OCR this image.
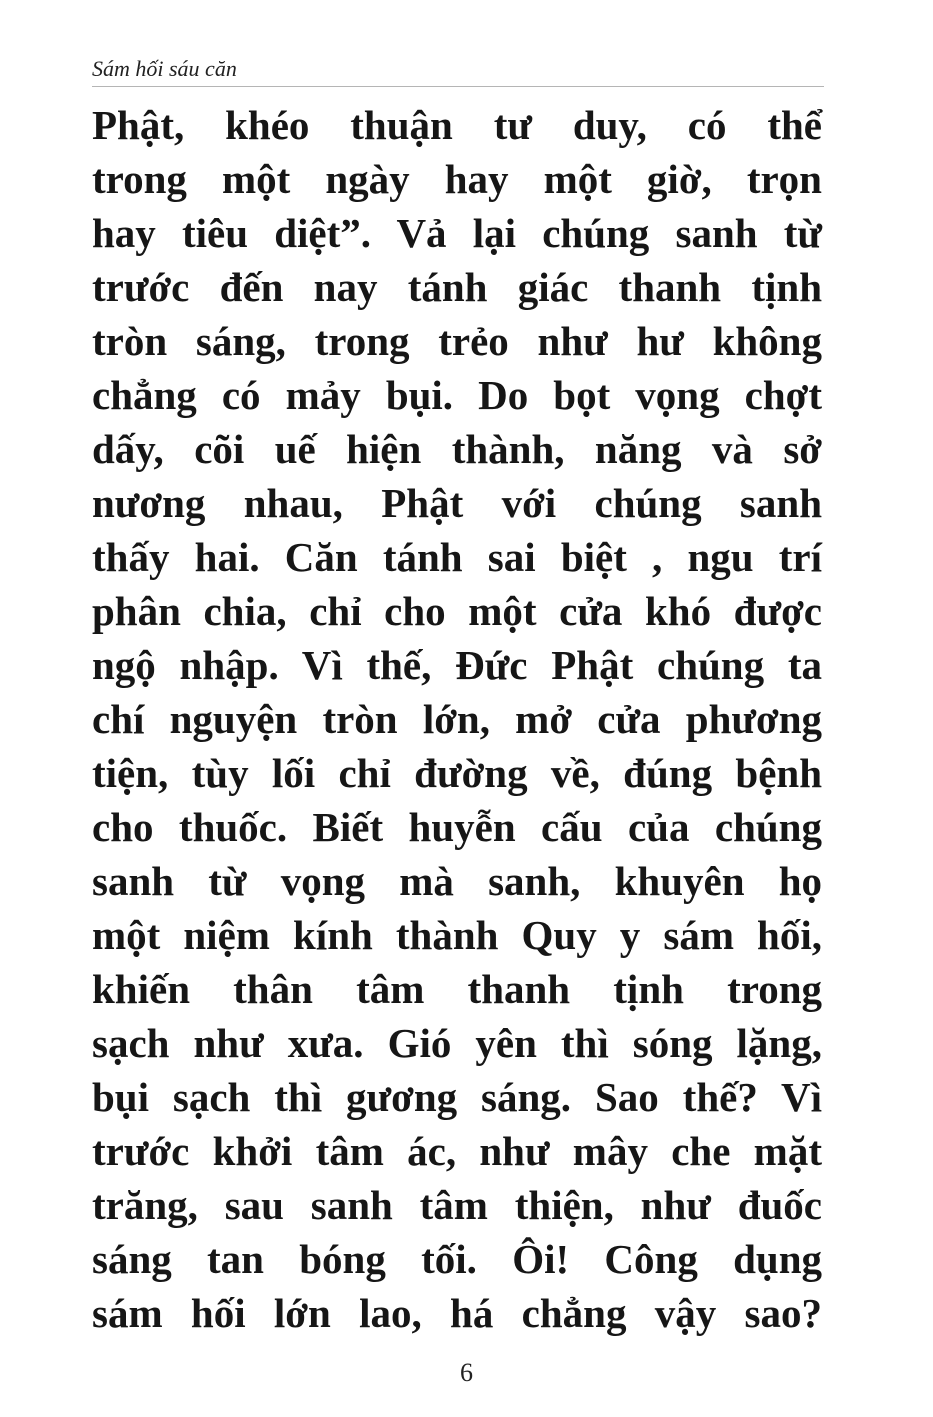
Sám hối sáu căn
Phật, khéo thuận tư duy, có thể
trong một ngày hay một giờ, trọn
hay tiêu diệt”. Vả lại chúng sanh từ
trước đến nay tánh giác thanh tịnh
tròn sáng, trong trẻo như hư không
chẳng có mảy bụi. Do bọt vọng chợt
dấy, cõi uế hiện thành, năng và sở
nương nhau, Phật với chúng sanh
thấy hai. Căn tánh sai biệt , ngu trí
phân chia, chỉ cho một cửa khó được
ngộ nhập. Vì thế, Đức Phật chúng ta
chí nguyện tròn lớn, mở cửa phương
tiện, tùy lối chỉ đường về, đúng bệnh
cho thuốc. Biết huyễn cấu của chúng
sanh từ vọng mà sanh, khuyên họ
một niệm kính thành Quy y sám hối,
khiến thân tâm thanh tịnh trong
sạch như xưa. Gió yên thì sóng lặng,
bụi sạch thì gương sáng. Sao thế? Vì
trước khởi tâm ác, như mây che mặt
trăng, sau sanh tâm thiện, như đuốc
sáng tan bóng tối. Ôi! Công dụng
sám hối lớn lao, há chẳng vậy sao?
6
